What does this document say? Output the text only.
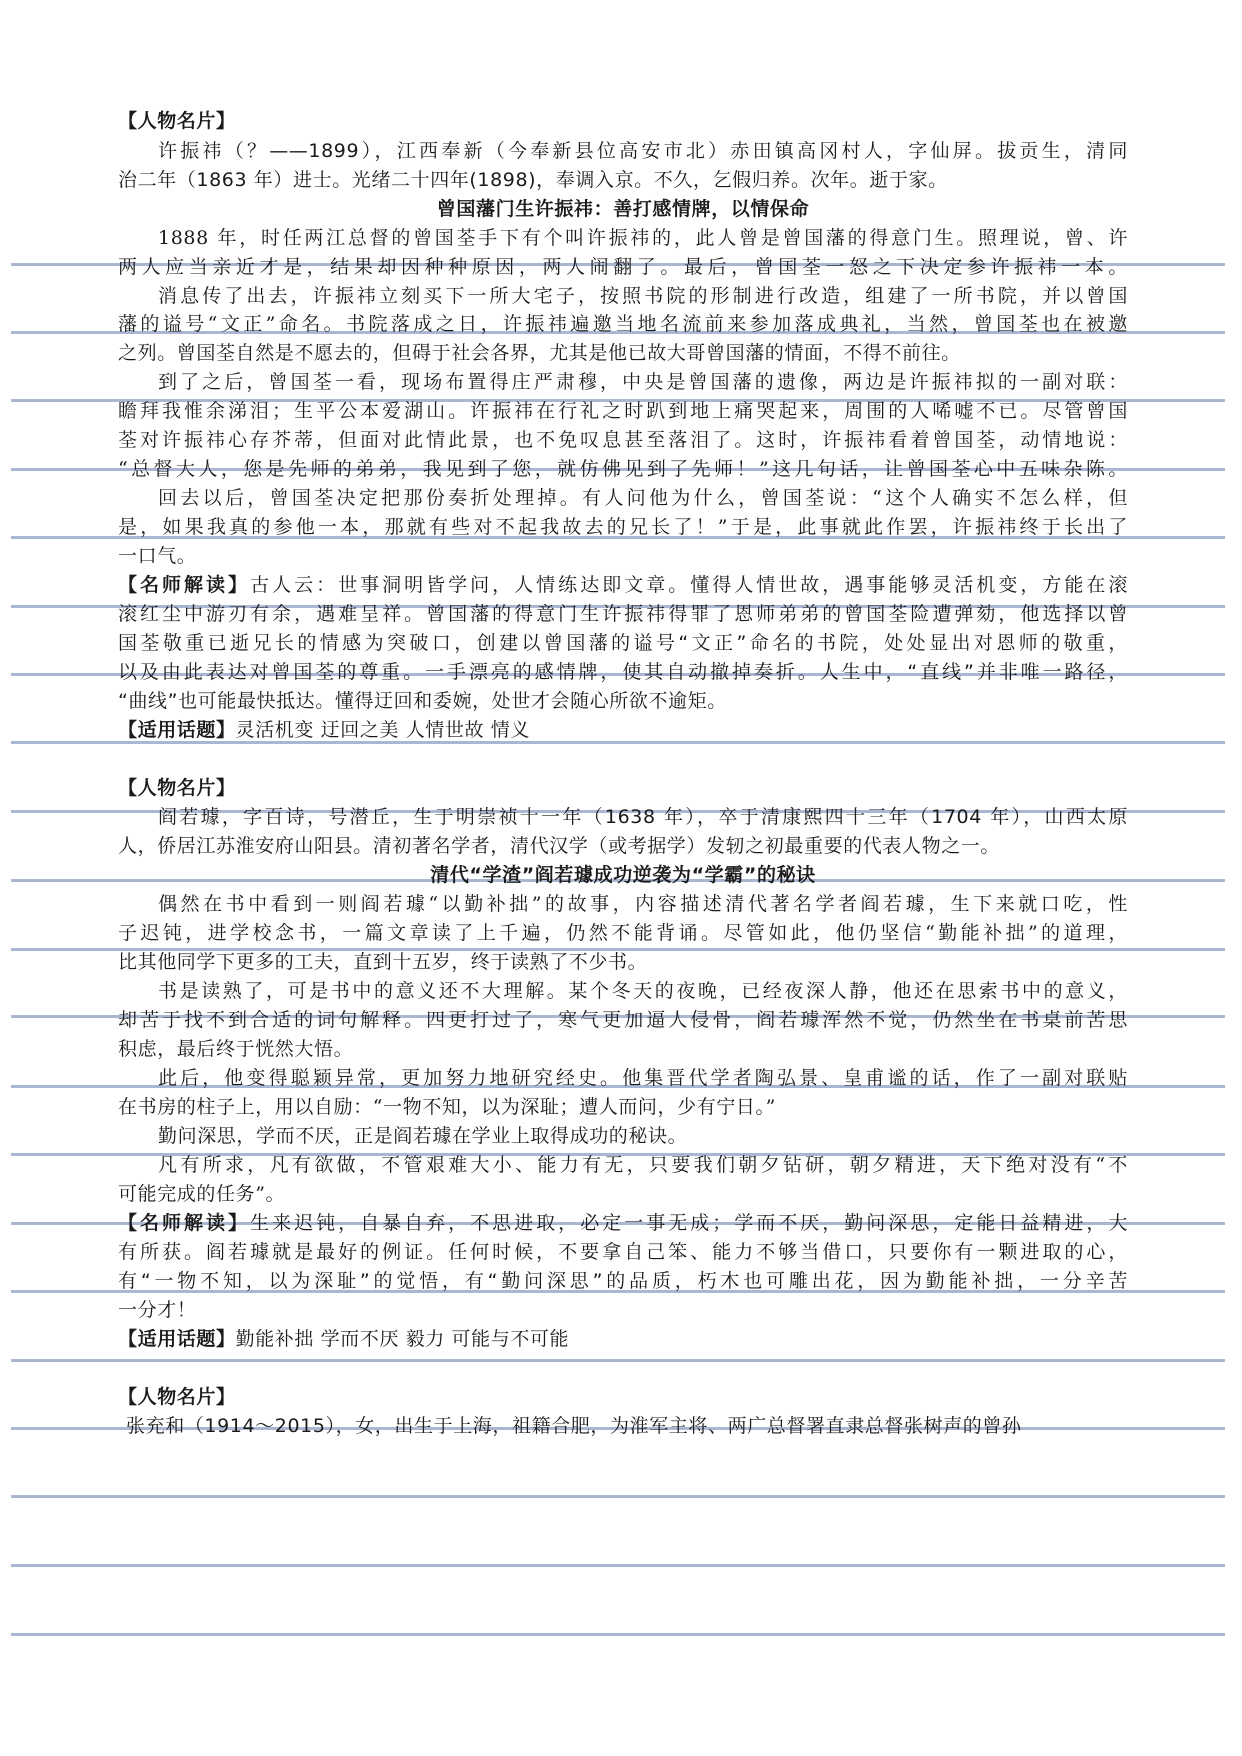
【人物名片】
许振祎（？——1899），江西奉新（今奉新县位高安市北）赤田镇高冈村人，字仙屏。拔贡生，清同
治二年（1863 年）进士。光绪二十四年(1898)，奉调入京。不久，乞假归养。次年。逝于家。
曾国藩门生许振祎：善打感情牌，以情保命
1888 年，时任两江总督的曾国荃手下有个叫许振祎的，此人曾是曾国藩的得意门生。照理说，曾、许
两人应当亲近才是，结果却因种种原因，两人闹翻了。最后，曾国荃一怒之下决定参许振祎一本。
消息传了出去，许振祎立刻买下一所大宅子，按照书院的形制进行改造，组建了一所书院，并以曾国
藩的谥号“文正”命名。书院落成之日，许振祎遍邀当地名流前来参加落成典礼，当然，曾国荃也在被邀
之列。曾国荃自然是不愿去的，但碍于社会各界，尤其是他已故大哥曾国藩的情面，不得不前往。
到了之后，曾国荃一看，现场布置得庄严肃穆，中央是曾国藩的遗像，两边是许振祎拟的一副对联：
瞻拜我惟余涕泪；生平公本爱湖山。许振祎在行礼之时趴到地上痛哭起来，周围的人唏嘘不已。尽管曾国
荃对许振祎心存芥蒂，但面对此情此景，也不免叹息甚至落泪了。这时，许振祎看着曾国荃，动情地说：
“总督大人，您是先师的弟弟，我见到了您，就仿佛见到了先师！”这几句话，让曾国荃心中五味杂陈。
回去以后，曾国荃决定把那份奏折处理掉。有人问他为什么，曾国荃说：“这个人确实不怎么样，但
是，如果我真的参他一本，那就有些对不起我故去的兄长了！”于是，此事就此作罢，许振祎终于长出了
一口气。
【名师解读】古人云：世事洞明皆学问，人情练达即文章。懂得人情世故，遇事能够灵活机变，方能在滚
滚红尘中游刃有余，遇难呈祥。曾国藩的得意门生许振祎得罪了恩师弟弟的曾国荃险遭弹劾，他选择以曾
国荃敬重已逝兄长的情感为突破口，创建以曾国藩的谥号“文正”命名的书院，处处显出对恩师的敬重，
以及由此表达对曾国荃的尊重。一手漂亮的感情牌，使其自动撤掉奏折。人生中，“直线”并非唯一路径，
“曲线”也可能最快抵达。懂得迂回和委婉，处世才会随心所欲不逾矩。
【适用话题】灵活机变 迂回之美 人情世故 情义
【人物名片】
阎若璩，字百诗，号潜丘，生于明崇祯十一年（1638 年），卒于清康熙四十三年（1704 年），山西太原
人，侨居江苏淮安府山阳县。清初著名学者，清代汉学（或考据学）发轫之初最重要的代表人物之一。
清代“学渣”阎若璩成功逆袭为“学霸”的秘诀
偶然在书中看到一则阎若璩“以勤补拙”的故事，内容描述清代著名学者阎若璩，生下来就口吃，性
子迟钝，进学校念书，一篇文章读了上千遍，仍然不能背诵。尽管如此，他仍坚信“勤能补拙”的道理，
比其他同学下更多的工夫，直到十五岁，终于读熟了不少书。
书是读熟了，可是书中的意义还不大理解。某个冬天的夜晚，已经夜深人静，他还在思索书中的意义，
却苦于找不到合适的词句解释。四更打过了，寒气更加逼人侵骨，阎若璩浑然不觉，仍然坐在书桌前苦思
积虑，最后终于恍然大悟。
此后，他变得聪颖异常，更加努力地研究经史。他集晋代学者陶弘景、皇甫谧的话，作了一副对联贴
在书房的柱子上，用以自励：“一物不知，以为深耻；遭人而问，少有宁日。”
勤问深思，学而不厌，正是阎若璩在学业上取得成功的秘诀。
凡有所求，凡有欲做，不管艰难大小、能力有无，只要我们朝夕钻研，朝夕精进，天下绝对没有“不
可能完成的任务”。
【名师解读】生来迟钝，自暴自弃，不思进取，必定一事无成；学而不厌，勤问深思，定能日益精进，大
有所获。阎若璩就是最好的例证。任何时候，不要拿自己笨、能力不够当借口，只要你有一颗进取的心，
有“一物不知，以为深耻”的觉悟，有“勤问深思”的品质，朽木也可雕出花，因为勤能补拙，一分辛苦
一分才！
【适用话题】勤能补拙 学而不厌 毅力 可能与不可能
【人物名片】
张充和（1914～2015），女，出生于上海，祖籍合肥，为淮军主将、两广总督署直隶总督张树声的曾孙
